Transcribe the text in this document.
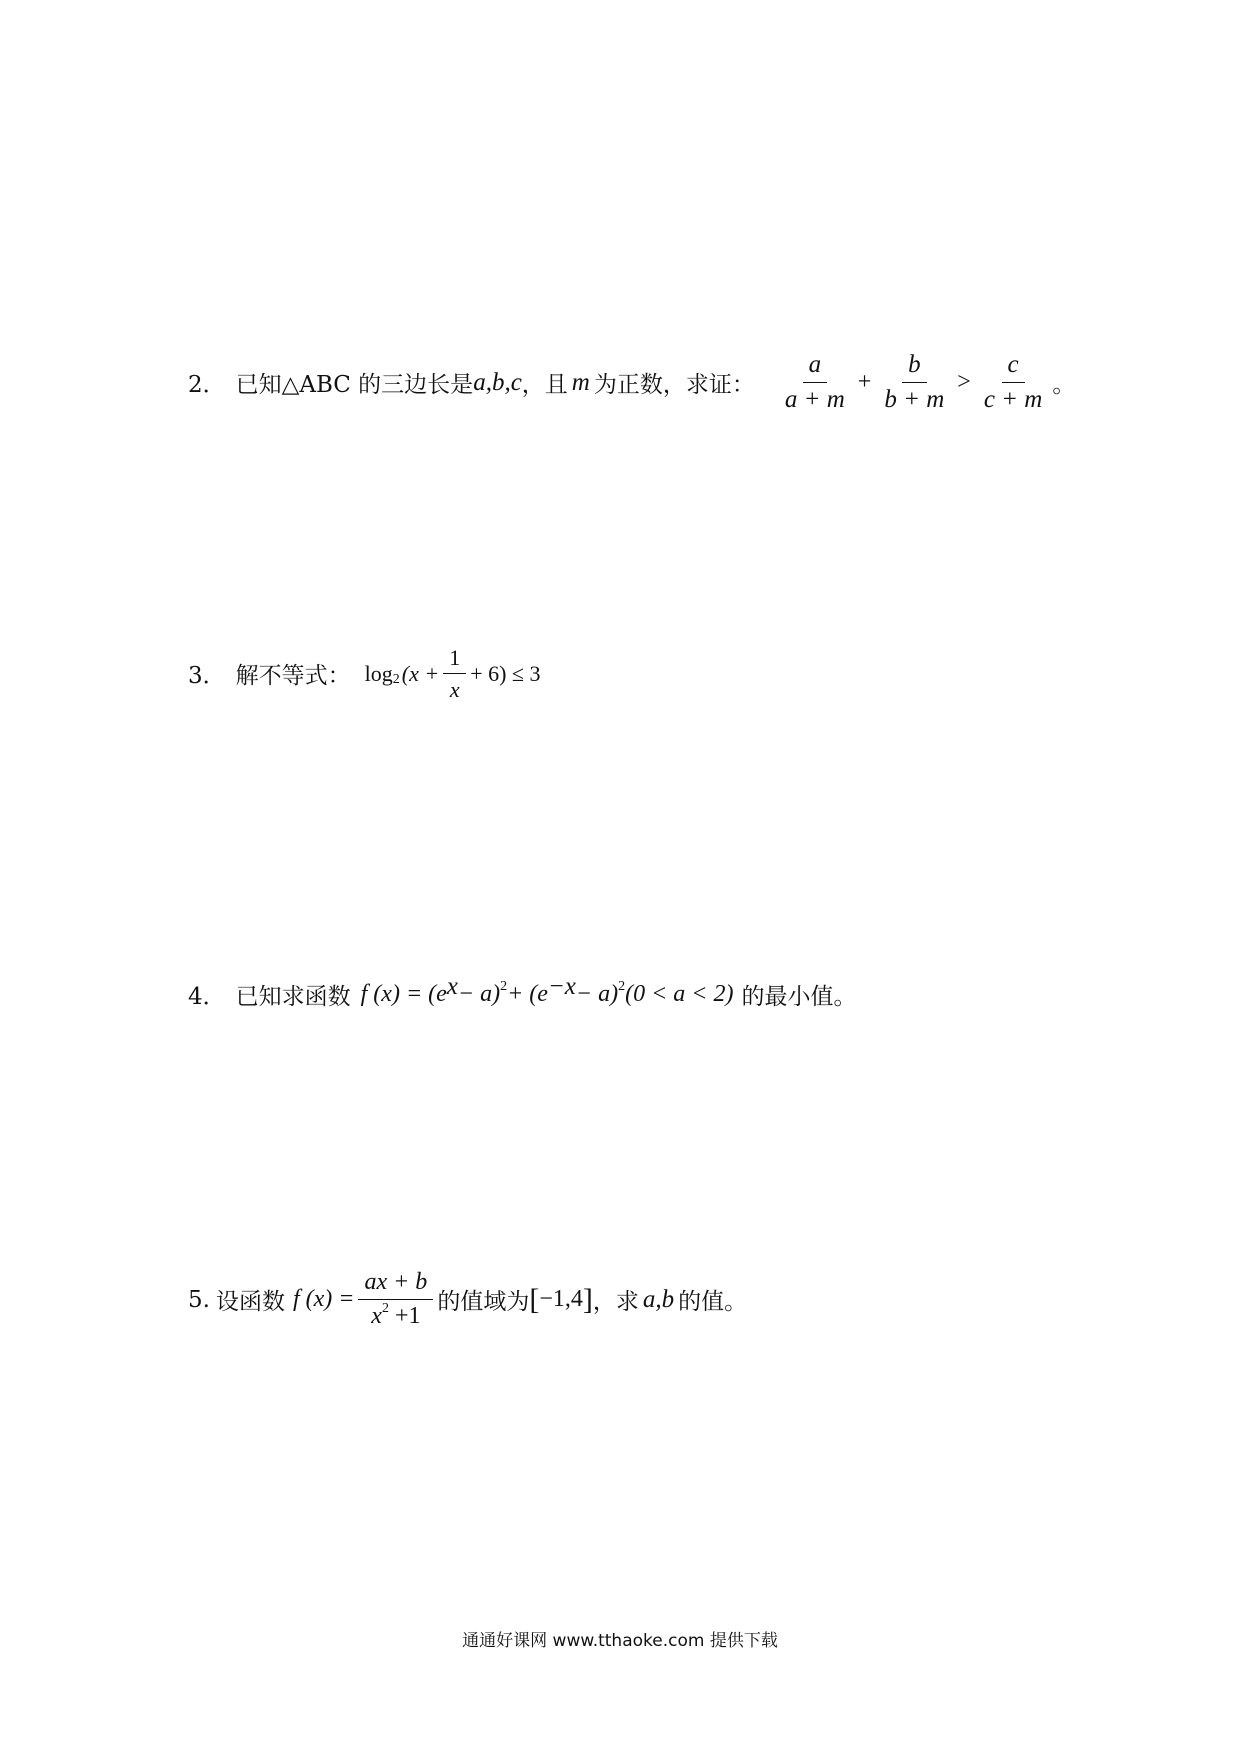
2． 已知△ABC 的三边长是 a,b,c ，且 m 为正数，求证： $\frac{a}{a + m} + \frac{b}{b + m} > \frac{c}{c + m}$ 。
3． 解不等式： $\log_2 (x + \frac{1}{x} + 6) \le 3$
4． 已知求函数 f $(x) = (e^x - a)^2 + (e^{-x} - a)^2$ (0 < a < 2) 的最小值。
5. 设函数 f $(x) = \frac{ax + b}{x^2 +1}$ 的值域为 [ −1,4 ] ，求 a,b 的值。
通通好课网 www.tthaoke.com 提供下载
